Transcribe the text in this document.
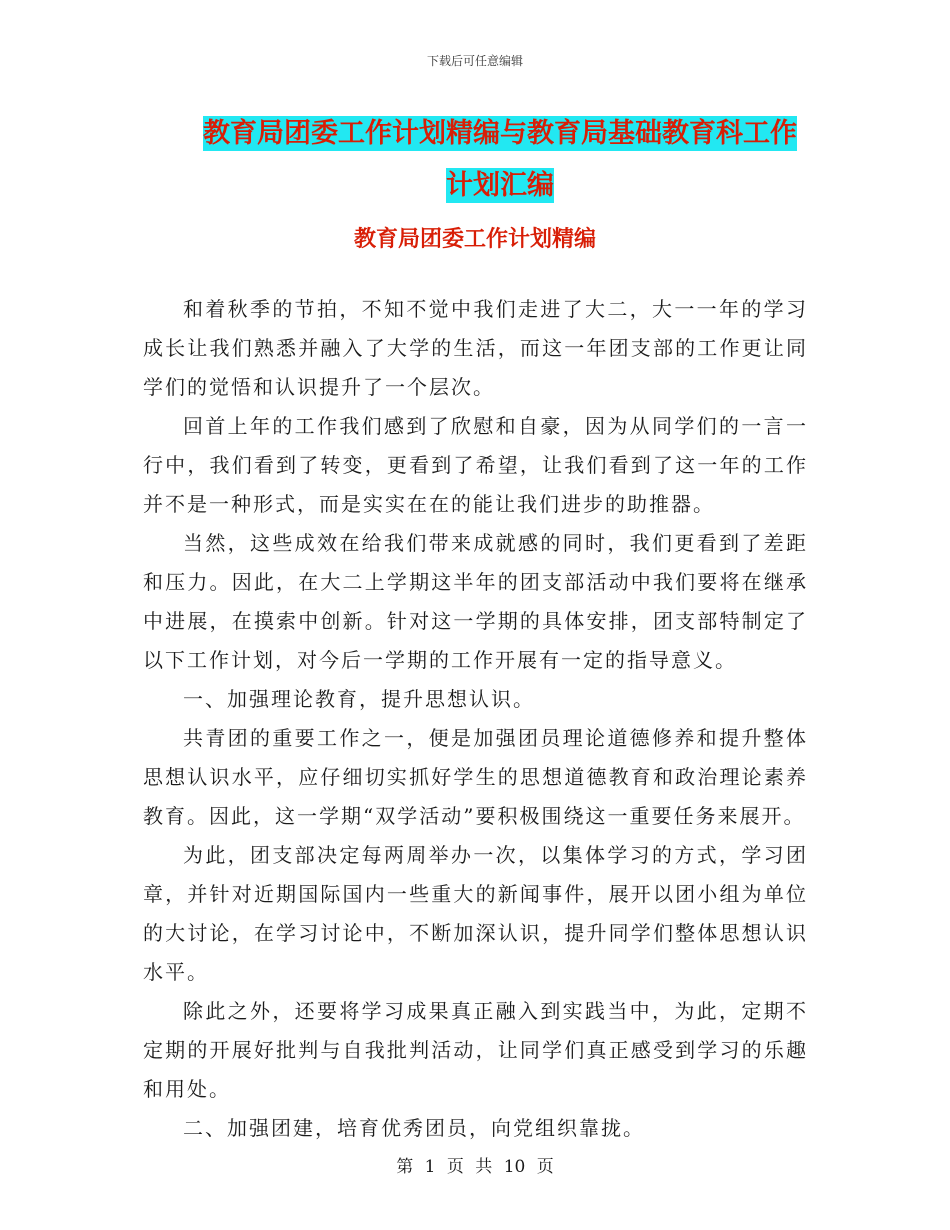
下载后可任意编辑
教育局团委工作计划精编与教育局基础教育科工作计划汇编
教育局团委工作计划精编

和着秋季的节拍，不知不觉中我们走进了大二，大一一年的学习成长让我们熟悉并融入了大学的生活，而这一年团支部的工作更让同学们的觉悟和认识提升了一个层次。

回首上年的工作我们感到了欣慰和自豪，因为从同学们的一言一行中，我们看到了转变，更看到了希望，让我们看到了这一年的工作并不是一种形式，而是实实在在的能让我们进步的助推器。

当然，这些成效在给我们带来成就感的同时，我们更看到了差距和压力。因此，在大二上学期这半年的团支部活动中我们要将在继承中进展，在摸索中创新。针对这一学期的具体安排，团支部特制定了以下工作计划，对今后一学期的工作开展有一定的指导意义。

一、加强理论教育，提升思想认识。

共青团的重要工作之一，便是加强团员理论道德修养和提升整体思想认识水平，应仔细切实抓好学生的思想道德教育和政治理论素养教育。因此，这一学期“双学活动”要积极围绕这一重要任务来展开。

为此，团支部决定每两周举办一次，以集体学习的方式，学习团章，并针对近期国际国内一些重大的新闻事件，展开以团小组为单位的大讨论，在学习讨论中，不断加深认识，提升同学们整体思想认识水平。

除此之外，还要将学习成果真正融入到实践当中，为此，定期不定期的开展好批判与自我批判活动，让同学们真正感受到学习的乐趣和用处。

二、加强团建，培育优秀团员，向党组织靠拢。

第 1 页 共 10 页
